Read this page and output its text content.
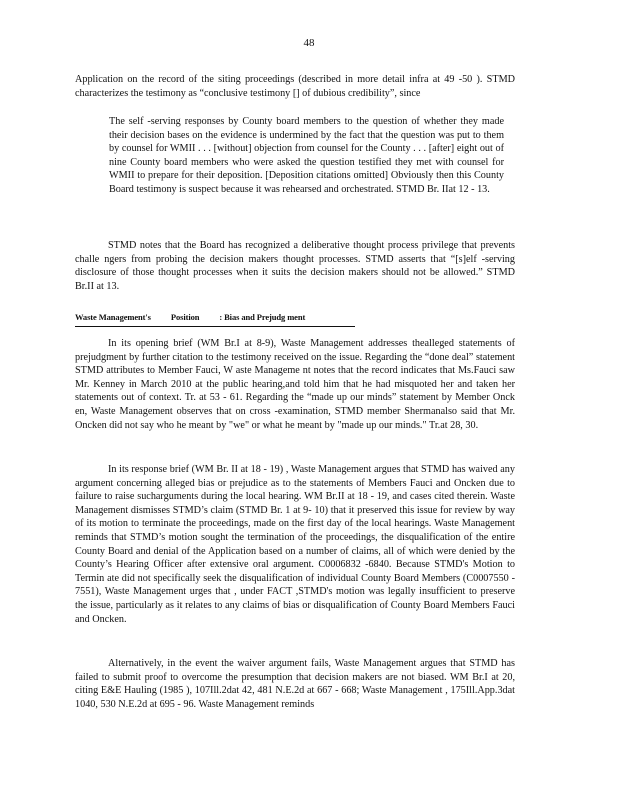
48

Application on the record of the siting proceedings (described in more detail infra at 49 -50 ). STMD characterizes the testimony as “conclusive testimony [] of dubious credibility”, since

The self -serving responses by County board members to the question of whether they made their decision bases on the evidence is undermined by the fact that the question was put to them by counsel for WMII . . . [without] objection from counsel for the County . . . [after] eight out of nine County board members who were asked the question testified they met with counsel for WMII to prepare for their deposition. [Deposition citations omitted] Obviously then this County Board testimony is suspect because it was rehearsed and orchestrated. STMD Br. IIat 12 - 13.

STMD notes that the Board has recognized a deliberative thought process privilege that prevents challe ngers from probing the decision makers thought processes. STMD asserts that “[s]elf -serving disclosure of those thought processes when it suits the decision makers should not be allowed.” STMD Br.II at 13.

Waste Management's Position : Bias and Prejudg ment

In its opening brief (WM Br.I at 8-9), Waste Management addresses thealleged statements of prejudgment by further citation to the testimony received on the issue. Regarding the “done deal” statement STMD attributes to Member Fauci, W aste Manageme nt notes that the record indicates that Ms.Fauci saw Mr. Kenney in March 2010 at the public hearing,and told him that he had misquoted her and taken her statements out of context. Tr. at 53 - 61. Regarding the “made up our minds” statement by Member Onck en, Waste Management observes that on cross -examination, STMD member Shermanalso said that Mr. Oncken did not say who he meant by "we" or what he meant by "made up our minds." Tr.at 28, 30.

In its response brief (WM Br. II at 18 - 19) , Waste Management argues that STMD has waived any argument concerning alleged bias or prejudice as to the statements of Members Fauci and Oncken due to failure to raise sucharguments during the local hearing. WM Br.II at 18 - 19, and cases cited therein. Waste Management dismisses STMD’s claim (STMD Br. 1 at 9- 10) that it preserved this issue for review by way of its motion to terminate the proceedings, made on the first day of the local hearings. Waste Management reminds that STMD’s motion sought the termination of the proceedings, the disqualification of the entire County Board and denial of the Application based on a number of claims, all of which were denied by the County’s Hearing Officer after extensive oral argument. C0006832 -6840. Because STMD's Motion to Termin ate did not specifically seek the disqualification of individual County Board Members (C0007550 - 7551), Waste Management urges that , under FACT ,STMD's motion was legally insufficient to preserve the issue, particularly as it relates to any claims of bias or disqualification of County Board Members Fauci and Oncken.

Alternatively, in the event the waiver argument fails, Waste Management argues that STMD has failed to submit proof to overcome the presumption that decision makers are not biased. WM Br.I at 20, citing E&E Hauling (1985 ), 107Ill.2dat 42, 481 N.E.2d at 667 - 668; Waste Management , 175Ill.App.3dat 1040, 530 N.E.2d at 695 - 96. Waste Management reminds
